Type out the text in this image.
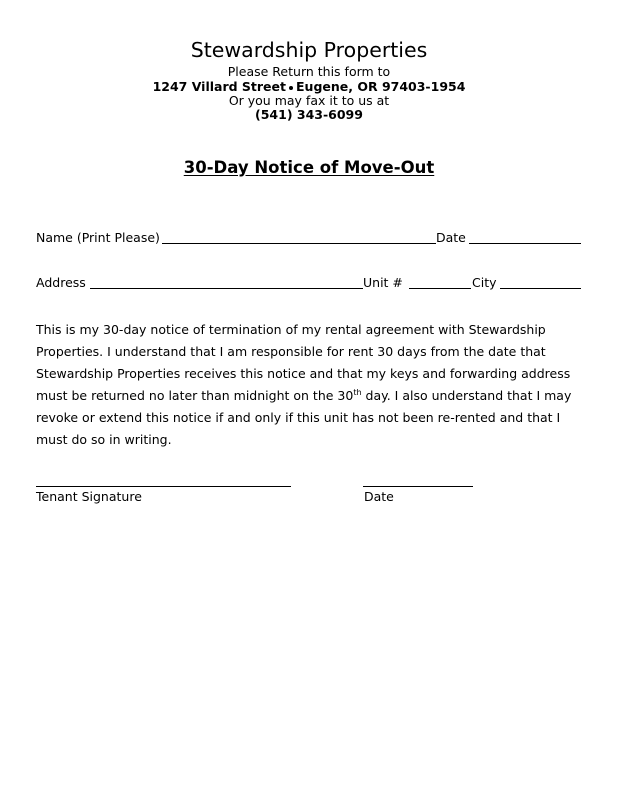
Stewardship Properties
Please Return this form to
1247 Villard Street Eugene, OR 97403-1954
Or you may fax it to us at
(541) 343-6099
30-Day Notice of Move-Out
Name (Print Please)	Date
Address	Unit #	City
This is my 30-day notice of termination of my rental agreement with Stewardship
Properties. I understand that I am responsible for rent 30 days from the date that
Stewardship Properties receives this notice and that my keys and forwarding address
must be returned no later than midnight on the 30th day. I also understand that I may
revoke or extend this notice if and only if this unit has not been re-rented and that I
must do so in writing.
Tenant Signature	Date
